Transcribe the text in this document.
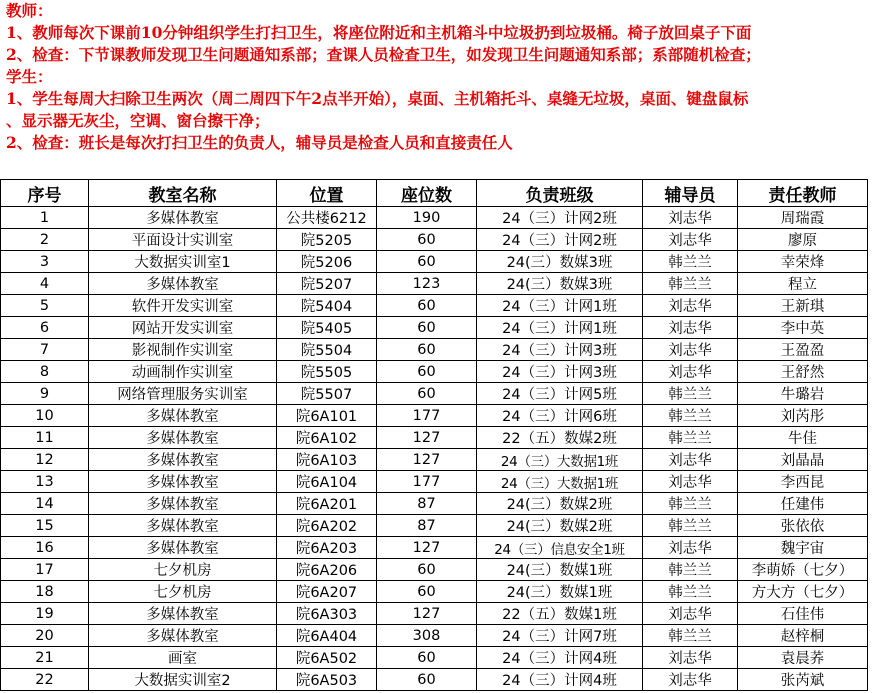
教师：
1、教师每次下课前10分钟组织学生打扫卫生，将座位附近和主机箱斗中垃圾扔到垃圾桶。椅子放回桌子下面
2、检查：下节课教师发现卫生问题通知系部；查课人员检查卫生，如发现卫生问题通知系部；系部随机检查；
学生：
1、学生每周大扫除卫生两次（周二周四下午2点半开始），桌面、主机箱托斗、桌缝无垃圾，桌面、键盘鼠标
、显示器无灰尘，空调、窗台擦干净；
2、检查：班长是每次打扫卫生的负责人，辅导员是检查人员和直接责任人
序号	教室名称	位置	座位数	负责班级	辅导员	责任教师
1	多媒体教室	公共楼6212	190	24（三）计网2班	刘志华	周瑞霞
2	平面设计实训室	院5205	60	24（三）计网2班	刘志华	廖原
3	大数据实训室1	院5206	60	24(三）数媒3班	韩兰兰	幸荣烽
4	多媒体教室	院5207	123	24(三）数媒3班	韩兰兰	程立
5	软件开发实训室	院5404	60	24（三）计网1班	刘志华	王新琪
6	网站开发实训室	院5405	60	24（三）计网1班	刘志华	李中英
7	影视制作实训室	院5504	60	24（三）计网3班	刘志华	王盈盈
8	动画制作实训室	院5505	60	24（三）计网3班	刘志华	王舒然
9	网络管理服务实训室	院5507	60	24（三）计网5班	韩兰兰	牛璐岩
10	多媒体教室	院6A101	177	24（三）计网6班	韩兰兰	刘芮彤
11	多媒体教室	院6A102	127	22（五）数媒2班	韩兰兰	牛佳
12	多媒体教室	院6A103	127	24（三）大数据1班	刘志华	刘晶晶
13	多媒体教室	院6A104	177	24（三）大数据1班	刘志华	李西昆
14	多媒体教室	院6A201	87	24(三）数媒2班	韩兰兰	任建伟
15	多媒体教室	院6A202	87	24(三）数媒2班	韩兰兰	张依依
16	多媒体教室	院6A203	127	24（三）信息安全1班	刘志华	魏宇宙
17	七夕机房	院6A206	60	24(三）数媒1班	韩兰兰	李萌娇（七夕）
18	七夕机房	院6A207	60	24(三）数媒1班	韩兰兰	方大方（七夕）
19	多媒体教室	院6A303	127	22（五）数媒1班	刘志华	石佳伟
20	多媒体教室	院6A404	308	24（三）计网7班	韩兰兰	赵梓桐
21	画室	院6A502	60	24（三）计网4班	刘志华	袁晨荞
22	大数据实训室2	院6A503	60	24（三）计网4班	刘志华	张芮斌
